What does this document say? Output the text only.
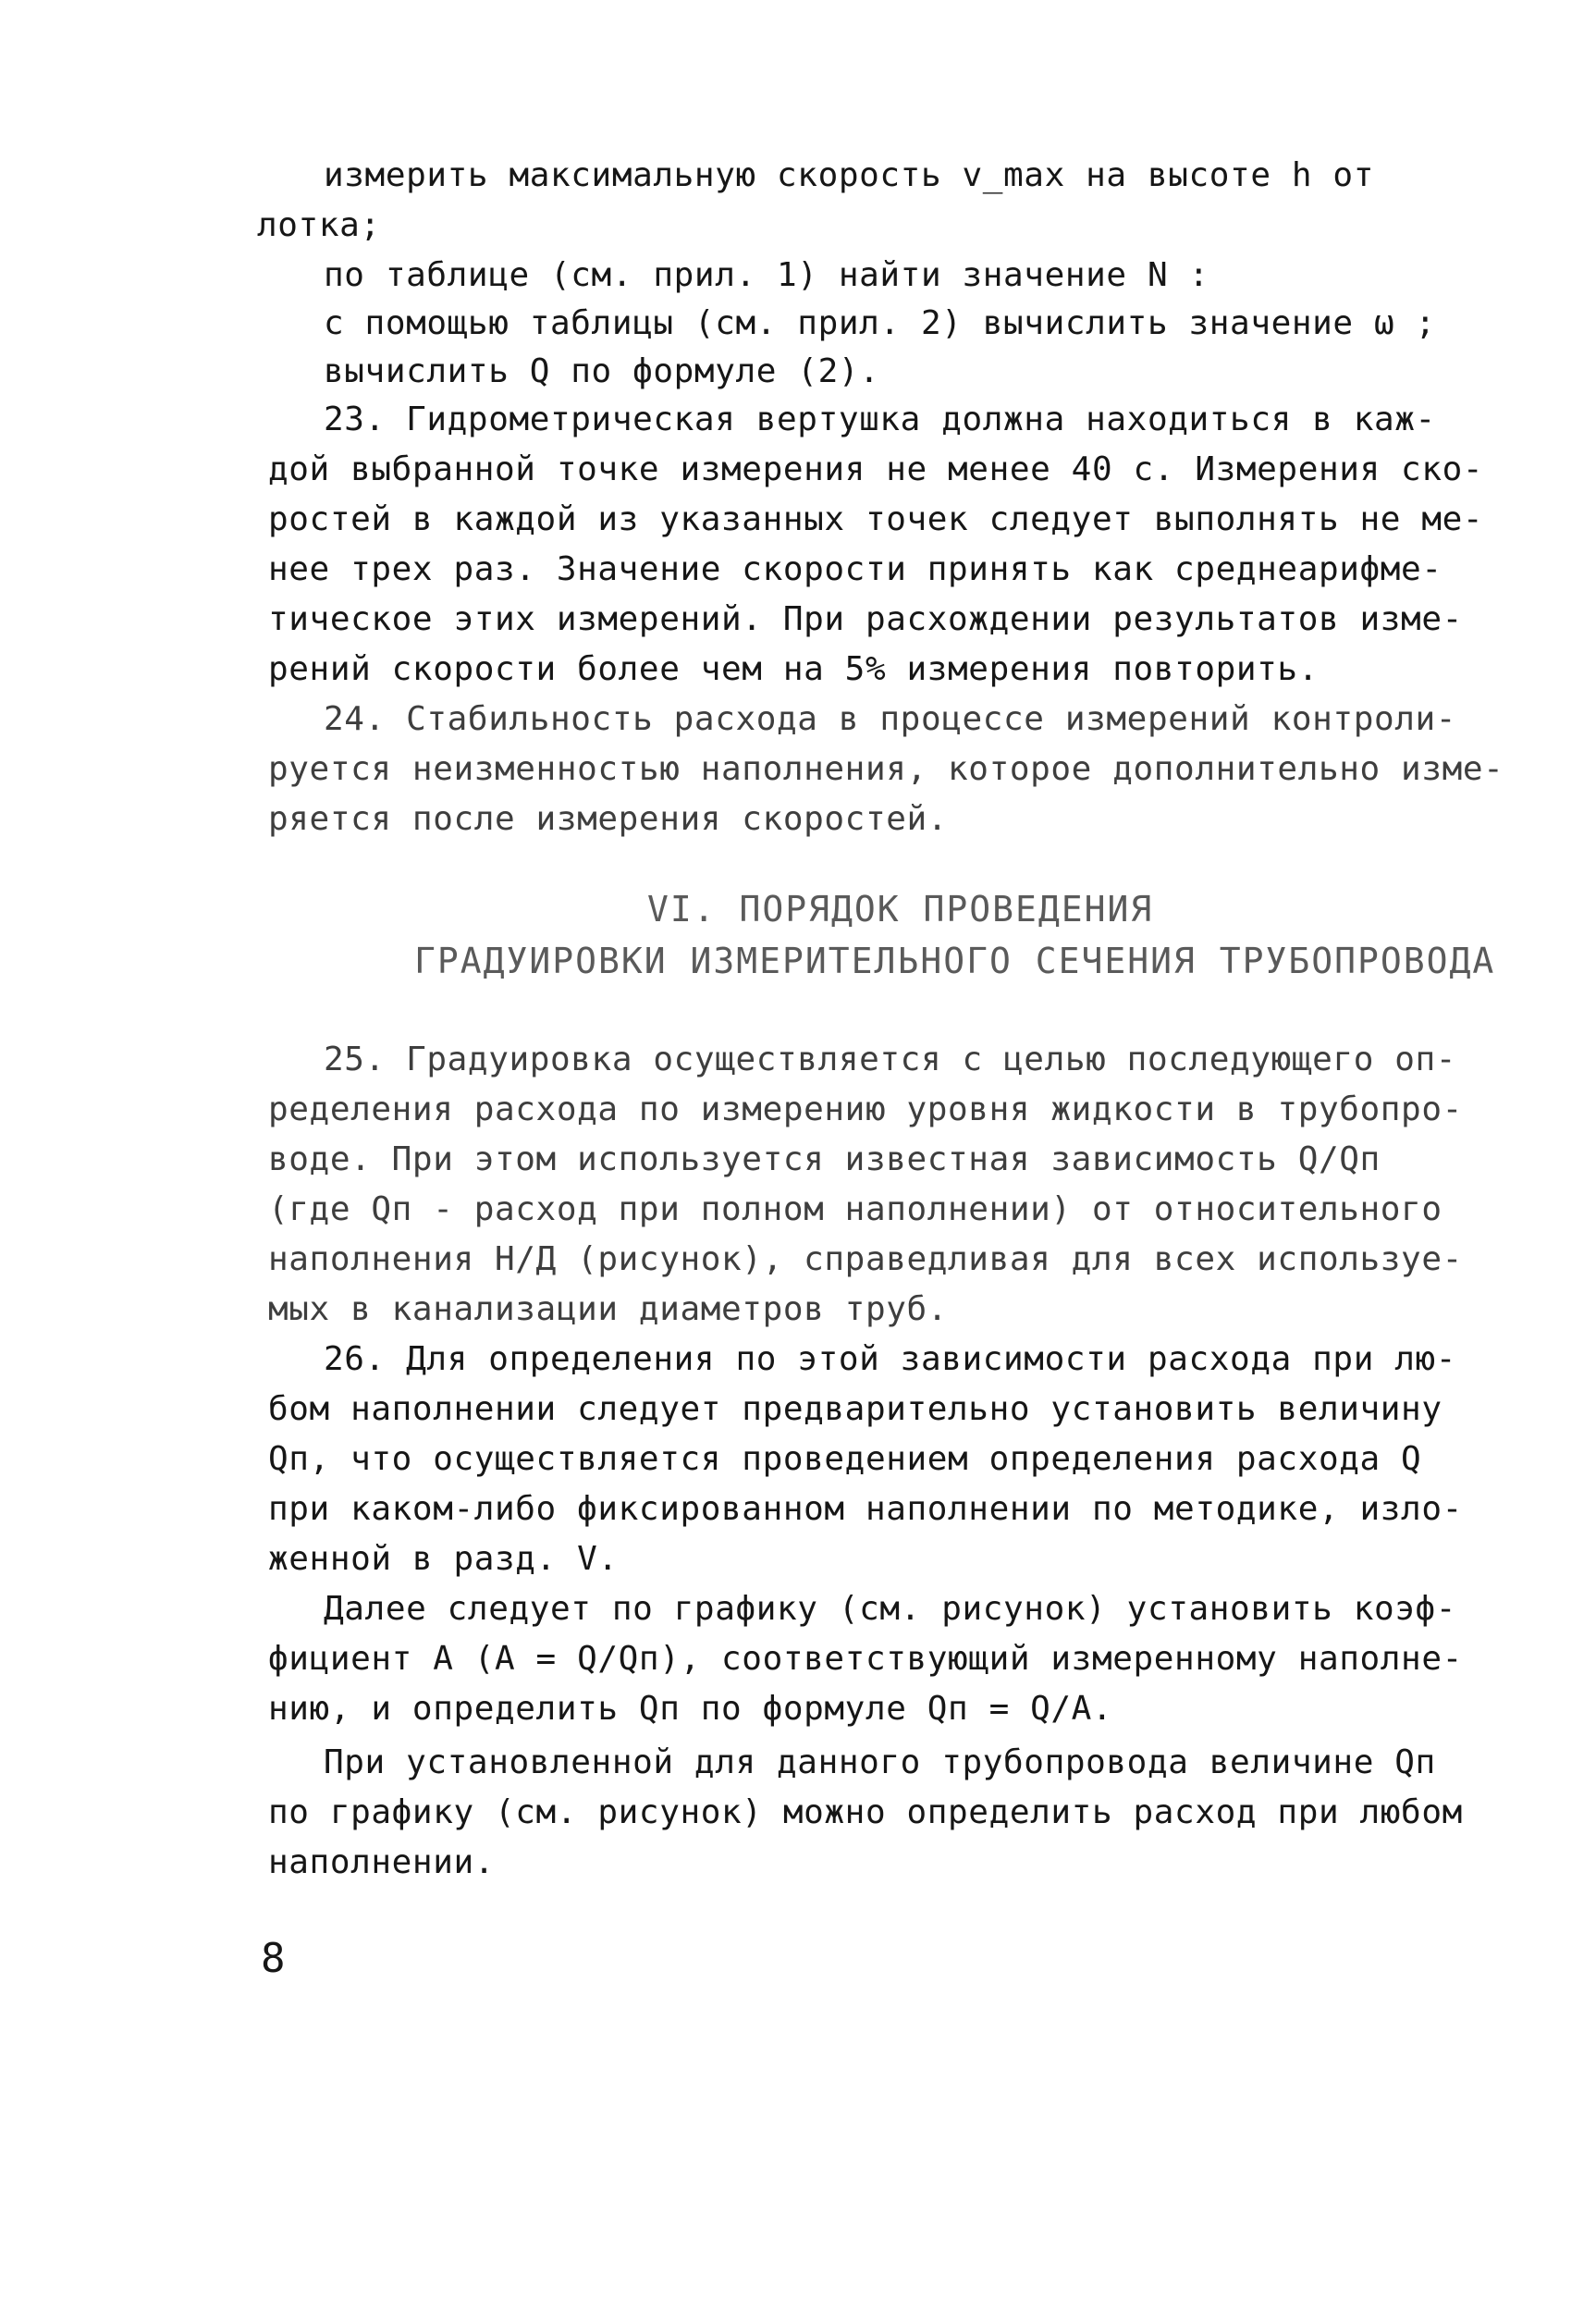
измерить максимальную скорость v_max на высоте h от
лотка;
по таблице (см. прил. 1) найти значение N :
с помощью таблицы (см. прил. 2) вычислить значение ω ;
вычислить Q по формуле (2).
23. Гидрометрическая вертушка должна находиться в каж-
дой выбранной точке измерения не менее 40 с. Измерения ско-
ростей в каждой из указанных точек следует выполнять не ме-
нее трех раз. Значение скорости принять как среднеарифме-
тическое этих измерений. При расхождении результатов изме-
рений скорости более чем на 5% измерения повторить.
24. Стабильность расхода в процессе измерений контроли-
руется неизменностью наполнения, которое дополнительно изме-
ряется после измерения скоростей.
VI. ПОРЯДОК ПРОВЕДЕНИЯ
ГРАДУИРОВКИ ИЗМЕРИТЕЛЬНОГО СЕЧЕНИЯ ТРУБОПРОВОДА
25. Градуировка осуществляется с целью последующего оп-
ределения расхода по измерению уровня жидкости в трубопро-
воде. При этом используется известная зависимость Q/Qп
(где Qп - расход при полном наполнении) от относительного
наполнения H/Д (рисунок), справедливая для всех используе-
мых в канализации диаметров труб.
26. Для определения по этой зависимости расхода при лю-
бом наполнении следует предварительно установить величину
Qп, что осуществляется проведением определения расхода Q
при каком-либо фиксированном наполнении по методике, изло-
женной в разд. V.
Далее следует по графику (см. рисунок) установить коэф-
фициент A (A = Q/Qп), соответствующий измеренному наполне-
нию, и определить Qп по формуле Qп = Q/A.
При установленной для данного трубопровода величине Qп
по графику (см. рисунок) можно определить расход при любом
наполнении.
8
